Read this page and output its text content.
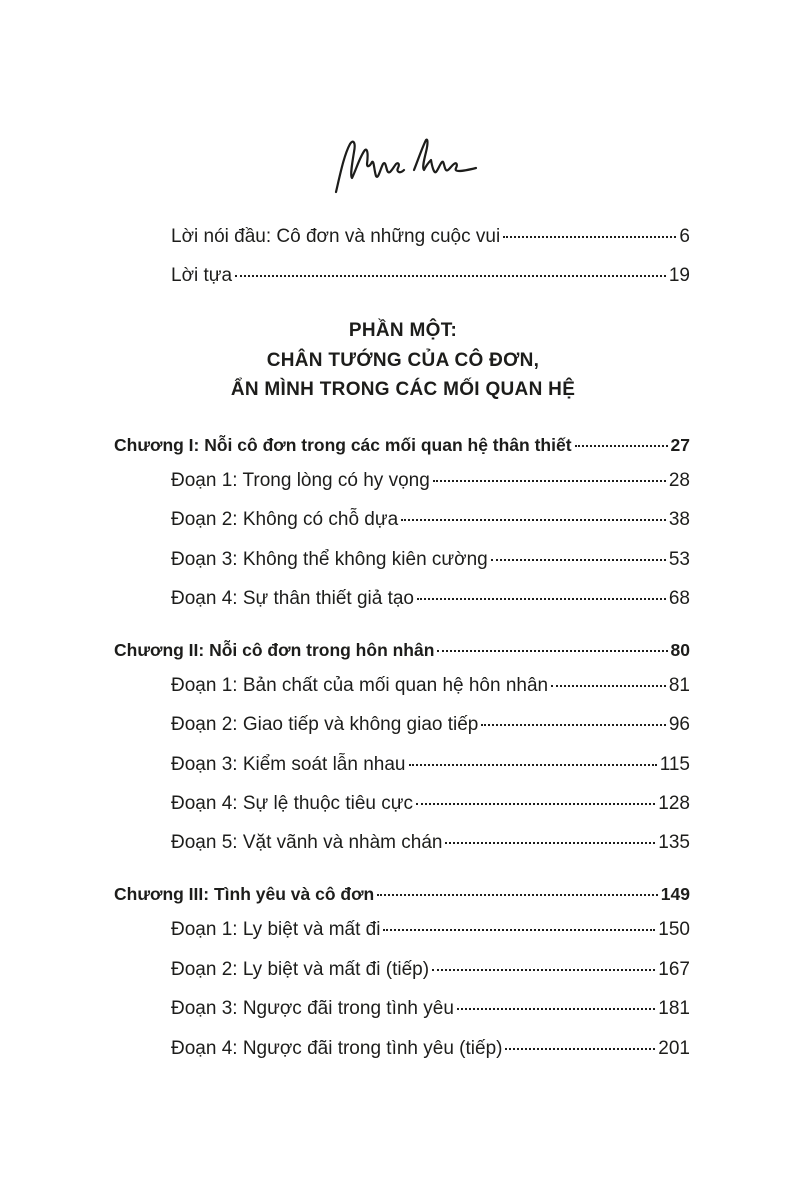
Lời nói đầu: Cô đơn và những cuộc vui	6
Lời tựa	19
PHẦN MỘT:
CHÂN TƯỚNG CỦA CÔ ĐƠN,
ẨN MÌNH TRONG CÁC MỐI QUAN HỆ
Chương I: Nỗi cô đơn trong các mối quan hệ thân thiết	27
Đoạn 1: Trong lòng có hy vọng	28
Đoạn 2: Không có chỗ dựa	38
Đoạn 3: Không thể không kiên cường	53
Đoạn 4: Sự thân thiết giả tạo	68
Chương II: Nỗi cô đơn trong hôn nhân	80
Đoạn 1: Bản chất của mối quan hệ hôn nhân	81
Đoạn 2: Giao tiếp và không giao tiếp	96
Đoạn 3: Kiểm soát lẫn nhau	115
Đoạn 4: Sự lệ thuộc tiêu cực	128
Đoạn 5: Vặt vãnh và nhàm chán	135
Chương III: Tình yêu và cô đơn	149
Đoạn 1: Ly biệt và mất đi	150
Đoạn 2: Ly biệt và mất đi (tiếp)	167
Đoạn 3: Ngược đãi trong tình yêu	181
Đoạn 4: Ngược đãi trong tình yêu (tiếp)	201
